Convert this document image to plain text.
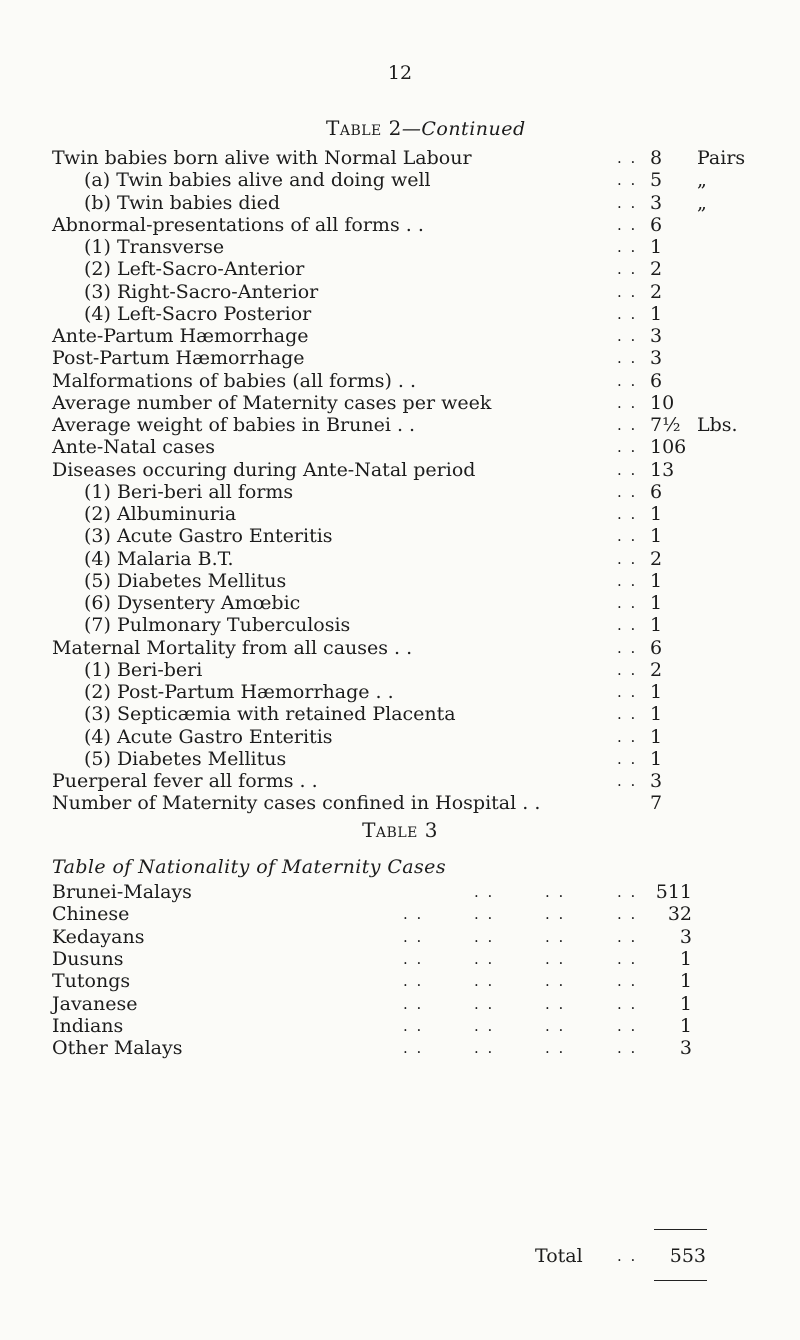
12
Table 2—Continued
Twin babies born alive with Normal Labour	. . 8	Pairs
(a) Twin babies alive and doing well	. . 5	„
(b) Twin babies died	. . 3	„
Abnormal-presentations of all forms . .	. . 6
(1) Transverse	. . 1
(2) Left-Sacro-Anterior	. . 2
(3) Right-Sacro-Anterior	. . 2
(4) Left-Sacro Posterior	. . 1
Ante-Partum Hæmorrhage	. . 3
Post-Partum Hæmorrhage	. . 3
Malformations of babies (all forms) . .	. . 6
Average number of Maternity cases per week	. . 10
Average weight of babies in Brunei . .	. . 7½ Lbs.
Ante-Natal cases	. . 106
Diseases occuring during Ante-Natal period	. . 13
(1) Beri-beri all forms	. . 6
(2) Albuminuria	. . 1
(3) Acute Gastro Enteritis	. . 1
(4) Malaria B.T.	. . 2
(5) Diabetes Mellitus	. . 1
(6) Dysentery Amœbic	. . 1
(7) Pulmonary Tuberculosis	. . 1
Maternal Mortality from all causes . .	. . 6
(1) Beri-beri	. . 2
(2) Post-Partum Hæmorrhage . .	. . 1
(3) Septicæmia with retained Placenta	. . 1
(4) Acute Gastro Enteritis	. . 1
(5) Diabetes Mellitus	. . 1
Puerperal fever all forms . .	. . 3
Number of Maternity cases confined in Hospital . .	7
Table 3
Table of Nationality of Maternity Cases
Brunei-Malays	. .	. .	. . 511
Chinese	. .	. .	. .	. .	32
Kedayans	. .	. .	. .	. .	3
Dusuns	. .	. .	. .	. .	1
Tutongs	. .	. .	. .	. .	1
Javanese	. .	. .	. .	. .	1
Indians	. .	. .	. .	. .	1
Other Malays	. .	. .	. .	. .	3
Total . .	553
